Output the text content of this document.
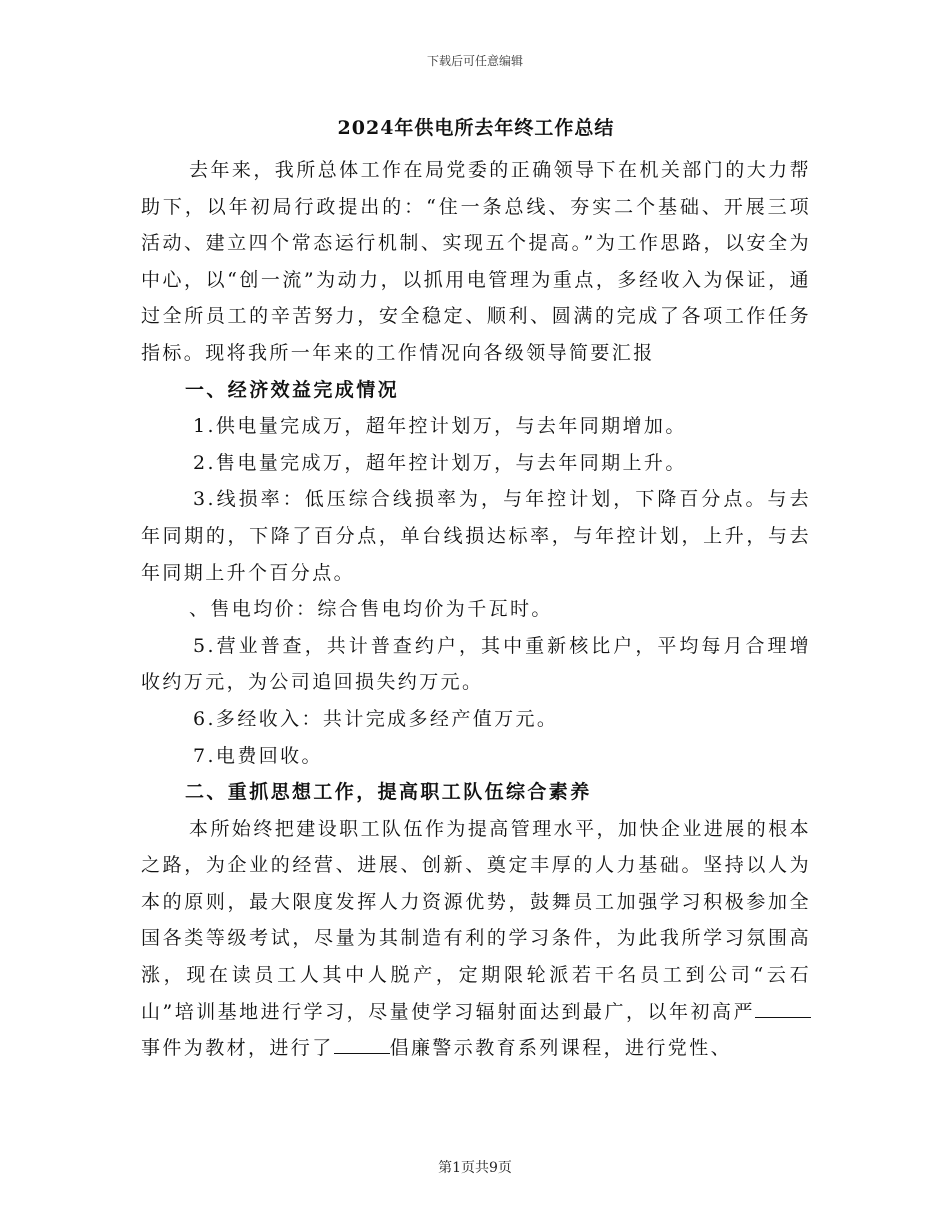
下载后可任意编辑
2024年供电所去年终工作总结

去年来，我所总体工作在局党委的正确领导下在机关部门的大力帮助下，以年初局行政提出的：“住一条总线、夯实二个基础、开展三项活动、建立四个常态运行机制、实现五个提高。”为工作思路，以安全为中心，以“创一流”为动力，以抓用电管理为重点，多经收入为保证，通过全所员工的辛苦努力，安全稳定、顺利、圆满的完成了各项工作任务指标。现将我所一年来的工作情况向各级领导简要汇报

一、经济效益完成情况

1.供电量完成万，超年控计划万，与去年同期增加。

2.售电量完成万，超年控计划万，与去年同期上升。

3.线损率：低压综合线损率为，与年控计划，下降百分点。与去年同期的，下降了百分点，单台线损达标率，与年控计划，上升，与去年同期上升个百分点。

、售电均价：综合售电均价为千瓦时。

5.营业普查，共计普查约户，其中重新核比户，平均每月合理增收约万元，为公司追回损失约万元。

6.多经收入：共计完成多经产值万元。

7.电费回收。

二、重抓思想工作，提高职工队伍综合素养

本所始终把建设职工队伍作为提高管理水平，加快企业进展的根本之路，为企业的经营、进展、创新、奠定丰厚的人力基础。坚持以人为本的原则，最大限度发挥人力资源优势，鼓舞员工加强学习积极参加全国各类等级考试，尽量为其制造有利的学习条件，为此我所学习氛围高涨，现在读员工人其中人脱产，定期限轮派若干名员工到公司“云石山”培训基地进行学习，尽量使学习辐射面达到最广，以年初高严事件为教材，进行了	倡廉警示教育系列课程，进行党性、

第1页共9页
